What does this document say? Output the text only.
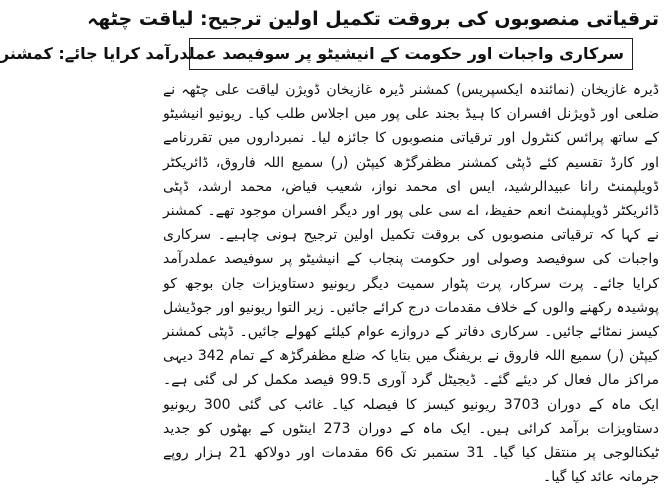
ترقیاتی منصوبوں کی بروقت تکمیل اولین ترجیح: لیاقت چٹھہ
سرکاری واجبات اور حکومت کے انیشیٹو پر سوفیصد عملدرآمد کرایا جائے: کمشنر

ڈیرہ غازیخان (نمائندہ ایکسپریس) کمشنر ڈیرہ غازیخان ڈویژن لیاقت علی چٹھہ نے ضلعی اور ڈویژنل افسران کا ہیڈ بجند علی پور میں اجلاس طلب کیا۔ ریونیو انیشیٹو کے ساتھ پرائس کنٹرول اور ترقیاتی منصوبوں کا جائزہ لیا۔ نمبرداروں میں تقررنامے اور کارڈ تقسیم کئے ڈپٹی کمشنر مظفرگڑھ کیپٹن (ر) سمیع اللہ فاروق، ڈائریکٹر ڈویلپمنٹ رانا عبیدالرشید، ایس ای محمد نواز، شعیب فیاض، محمد ارشد، ڈپٹی ڈائریکٹر ڈویلپمنٹ انعم حفیظ، اے سی علی پور اور دیگر افسران موجود تھے۔ کمشنر نے کہا کہ ترقیاتی منصوبوں کی بروقت تکمیل اولین ترجیح ہونی چاہیے۔ سرکاری واجبات کی سوفیصد وصولی اور حکومت پنجاب کے انیشیٹو پر سوفیصد عملدرآمد کرایا جائے۔ پرت سرکار، پرت پٹوار سمیت دیگر ریونیو دستاویزات جان بوجھ کو پوشیدہ رکھنے والوں کے خلاف مقدمات درج کرائے جائیں۔ زیر التوا ریونیو اور جوڈیشل کیسز نمٹائے جائیں۔ سرکاری دفاتر کے دروازے عوام کیلئے کھولے جائیں۔ ڈپٹی کمشنر کیپٹن (ر) سمیع اللہ فاروق نے بریفنگ میں بتایا کہ ضلع مظفرگڑھ کے تمام 342 دیہی مراکز مال فعال کر دیئے گئے۔ ڈیجیٹل گرد آوری 99.5 فیصد مکمل کر لی گئی ہے۔ ایک ماہ کے دوران 3703 ریونیو کیسز کا فیصلہ کیا۔ غائب کی گئی 300 ریونیو دستاویزات برآمد کرائی ہیں۔ ایک ماہ کے دوران 273 اینٹوں کے بھٹوں کو جدید ٹیکنالوجی پر منتقل کیا گیا۔ 31 ستمبر تک 66 مقدمات اور دولاکھ 21 ہزار روپے جرمانہ عائد کیا گیا۔
